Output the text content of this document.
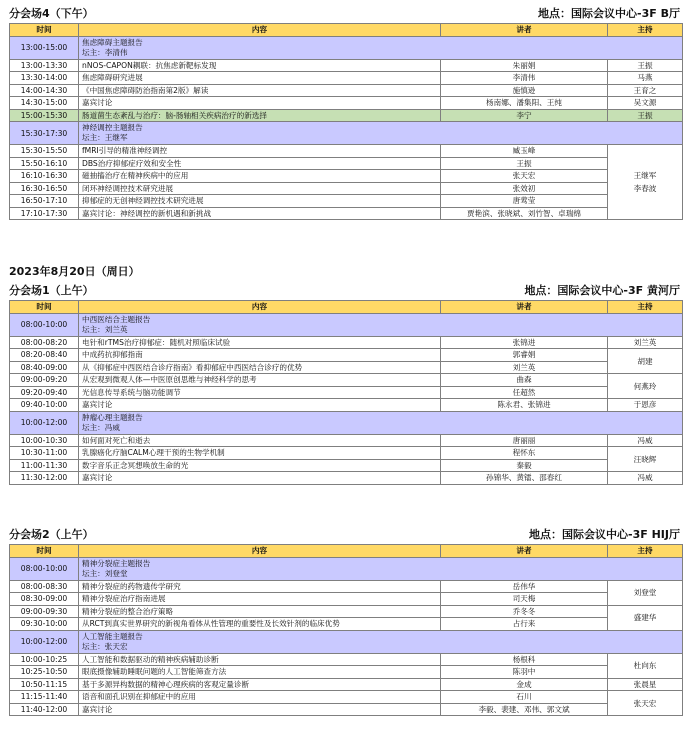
分会场4（下午）	地点：国际会议中心-3F B厅
时间	内容	讲者	主持
13:00-15:00	焦虑障碍主题报告
坛主：李清伟		
13:00-13:30	nNOS-CAPON耦联：抗焦虑新靶标发现	朱丽娟	王振
13:30-14:00	焦虑障碍研究进展	李清伟	马燕
14:00-14:30	《中国焦虑障碍防治指南第2版》解读	施慎逊	王育之
14:30-15:00	嘉宾讨论	杨南娜、潘集阳、王纯	吴文源
15:00-15:30	肠道菌生态紊乱与治疗：脑-肠轴相关疾病治疗的新选择	李宁	王振
15:30-17:30	神经调控主题报告
坛主：王继军		
15:30-15:50	fMRI引导的精准神经调控	臧玉峰	王继军
李春波
15:50-16:10	DBS治疗抑郁症疗效和安全性	王振	
16:10-16:30	磁抽搐治疗在精神疾病中的应用	张天宏	
16:30-16:50	闭环神经调控技术研究进展	张效初	
16:50-17:10	抑郁症的无创神经调控技术研究进展	唐莺莹	
17:10-17:30	嘉宾讨论：神经调控的新机遇和新挑战	贾艳滨、张晓斌、刘竹智、卓瑞绵	
2023年8月20日（周日）
分会场1（上午）	地点：国际会议中心-3F 黄河厅
时间	内容	讲者	主持
08:00-10:00	中西医结合主题报告
坛主：刘兰英		
08:00-08:20	电针和rTMS治疗抑郁症：随机对照临床试验	张锦进	刘兰英
08:20-08:40	中成药抗抑郁指南	郭睿娟	胡建
08:40-09:00	从《抑郁症中西医结合诊疗指南》看抑郁症中西医结合诊疗的优势	刘兰英	
09:00-09:20	从宏观到微观人体—中医原创思维与神经科学的思考	曲森	何燕玲
09:20-09:40	光信息传导系统与脑功能调节	任超然	
09:40-10:00	嘉宾讨论	陈永君、张锦进	于恩彦
10:00-12:00	肿瘤心理主题报告
坛主：冯威		
10:00-10:30	如何面对死亡和逝去	唐丽丽	冯威
10:30-11:00	乳腺癌化疗脑CALM心理干预的生物学机制	程怀东	汪晓辉
11:00-11:30	数字音乐正念冥想唤放生命的光	秦毅	
11:30-12:00	嘉宾讨论	孙锦华、黄镭、邵春红	冯威
分会场2（上午）	地点：国际会议中心-3F HIJ厅
时间	内容	讲者	主持
08:00-10:00	精神分裂症主题报告
坛主：刘登堂		
08:00-08:30	精神分裂症的药物遗传学研究	岳伟华	刘登堂
08:30-09:00	精神分裂症治疗指南进展	司天梅	
09:00-09:30	精神分裂症的整合治疗策略	乔冬冬	盛建华
09:30-10:00	从RCT到真实世界研究的新视角看体从性管理的重要性及长效针剂的临床优势	占行来	
10:00-12:00	人工智能主题报告
坛主：张天宏		
10:00-10:25	人工智能和数据驱动的精神疾病辅助诊断	杨根科	杜向东
10:25-10:50	眼底摄像辅助睡眠问题的人工智能筛查方法	陈羽中	
10:50-11:15	基于多源异构数据的精神心理疾病的客观定量诊断	金成	张晨星
11:15-11:40	语音和面孔识别在抑郁症中的应用	石川	张天宏
11:40-12:00	嘉宾讨论	李毅、裴建、邓伟、郭文斌	
